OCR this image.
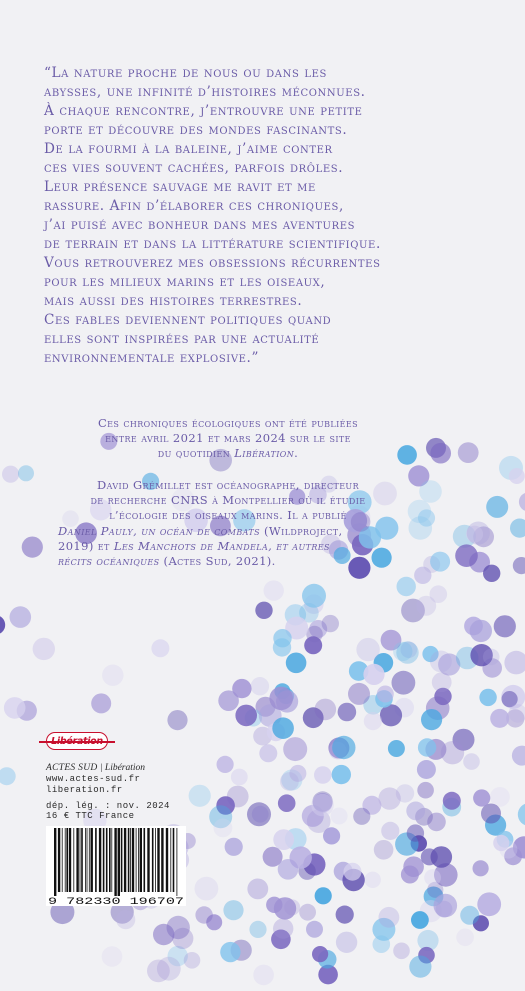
“La nature proche de nous ou dans les

abysses, une infinité d’histoires méconnues.

À chaque rencontre, j’entrouvre une petite

porte et découvre des mondes fascinants.

De la fourmi à la baleine, j’aime conter

ces vies souvent cachées, parfois drôles.

Leur présence sauvage me ravit et me

rassure. Afin d’élaborer ces chroniques,

j’ai puisé avec bonheur dans mes aventures

de terrain et dans la littérature scientifique.

Vous retrouverez mes obsessions récurrentes

pour les milieux marins et les oiseaux,

mais aussi des histoires terrestres.

Ces fables deviennent politiques quand

elles sont inspirées par une actualité

environnementale explosive.”

Ces chroniques écologiques ont été publiées

entre avril 2021 et mars 2024 sur le site

du quotidien Libération.

David Grémillet est océanographe, directeur

de recherche CNRS à Montpellier où il étudie

l’écologie des oiseaux marins. Il a publié

Daniel Pauly, un océan de combats (Wildproject,

2019) et Les Manchots de Mandela, et autres

récits océaniques (Actes Sud, 2021).

Libération
ACTES SUD | Libération
www.actes-sud.fr
liberation.fr
dép. lég. : nov. 2024
16 € TTC France
9 782330 196707
